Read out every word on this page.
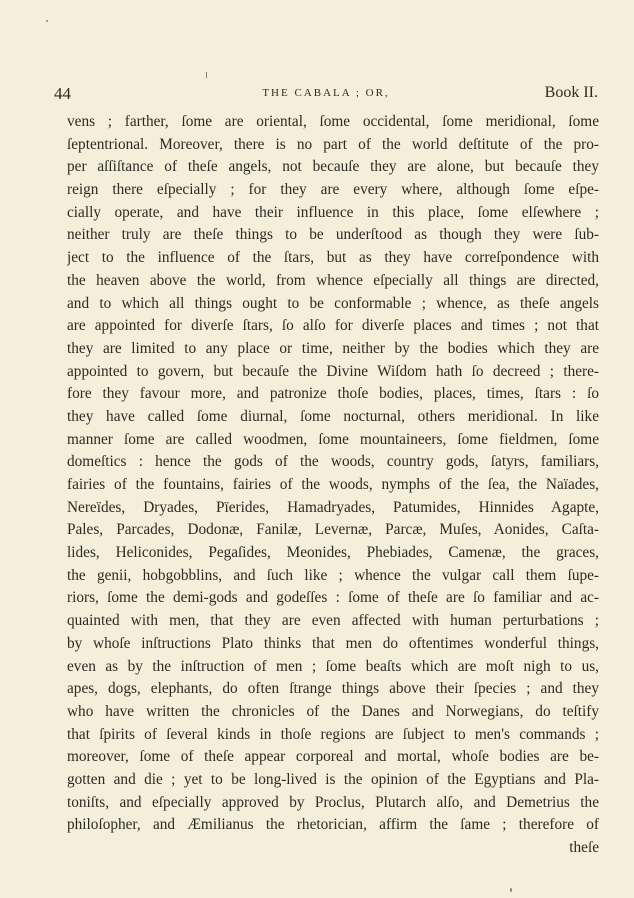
44	THE CABALA ; OR,	Book II.
vens ; farther, ſome are oriental, ſome occidental, ſome meridional, ſome
ſeptentrional. Moreover, there is no part of the world deſtitute of the pro-
per aſſiſtance of theſe angels, not becauſe they are alone, but becauſe they
reign there eſpecially ; for they are every where, although ſome eſpe-
cially operate, and have their influence in this place, ſome elſewhere ;
neither truly are theſe things to be underſtood as though they were ſub-
ject to the influence of the ſtars, but as they have correſpondence with
the heaven above the world, from whence eſpecially all things are directed,
and to which all things ought to be conformable ; whence, as theſe angels
are appointed for diverſe ſtars, ſo alſo for diverſe places and times ; not that
they are limited to any place or time, neither by the bodies which they are
appointed to govern, but becauſe the Divine Wiſdom hath ſo decreed ; there-
fore they favour more, and patronize thoſe bodies, places, times, ſtars : ſo
they have called ſome diurnal, ſome nocturnal, others meridional. In like
manner ſome are called woodmen, ſome mountaineers, ſome fieldmen, ſome
domeſtics : hence the gods of the woods, country gods, ſatyrs, familiars,
fairies of the fountains, fairies of the woods, nymphs of the ſea, the Naïades,
Nereïdes, Dryades, Pïerides, Hamadryades, Patumides, Hinnides Agapte,
Pales, Parcades, Dodonæ, Fanilæ, Levernæ, Parcæ, Muſes, Aonides, Caſta-
lides, Heliconides, Pegaſides, Meonides, Phebiades, Camenæ, the graces,
the genii, hobgobblins, and ſuch like ; whence the vulgar call them ſupe-
riors, ſome the demi-gods and godeſſes : ſome of theſe are ſo familiar and ac-
quainted with men, that they are even affected with human perturbations ;
by whoſe inſtructions Plato thinks that men do oftentimes wonderful things,
even as by the inſtruction of men ; ſome beaſts which are moſt nigh to us,
apes, dogs, elephants, do often ſtrange things above their ſpecies ; and they
who have written the chronicles of the Danes and Norwegians, do teſtify
that ſpirits of ſeveral kinds in thoſe regions are ſubject to men's commands ;
moreover, ſome of theſe appear corporeal and mortal, whoſe bodies are be-
gotten and die ; yet to be long-lived is the opinion of the Egyptians and Pla-
toniſts, and eſpecially approved by Proclus, Plutarch alſo, and Demetrius the
philoſopher, and Æmilianus the rhetorician, affirm the ſame ; therefore of
theſe
